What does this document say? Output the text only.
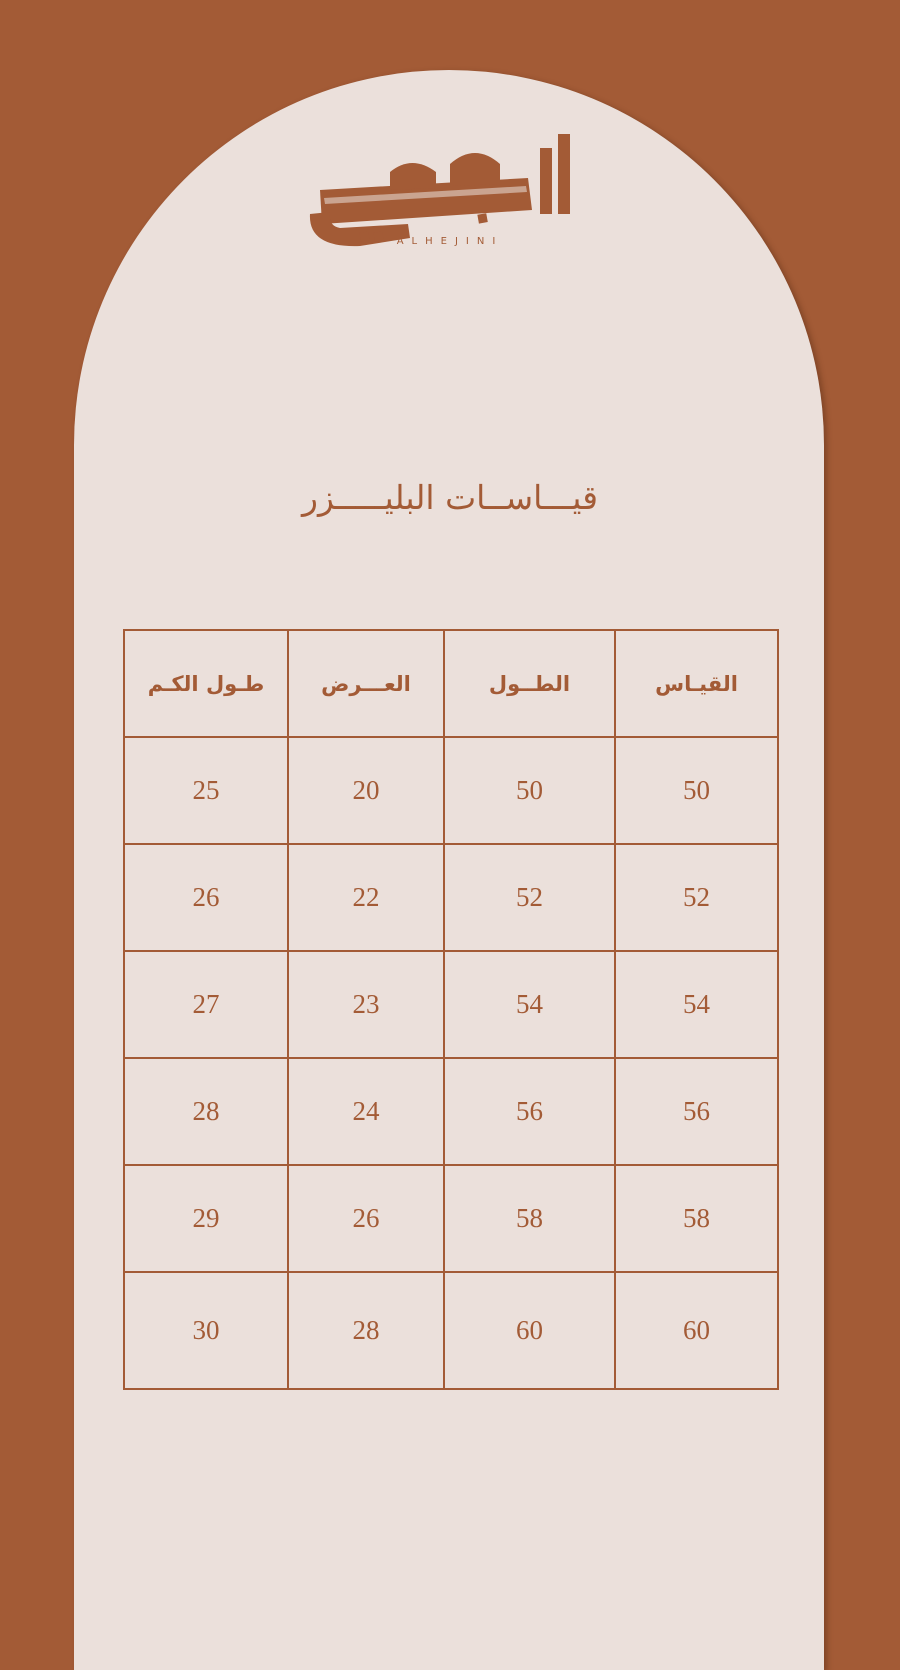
ALHEJINI
قيـــاســات البليـــــزر
القيـاس	الطــول	العـــرض	طـول الكـم
50	50	20	25
52	52	22	26
54	54	23	27
56	56	24	28
58	58	26	29
60	60	28	30
